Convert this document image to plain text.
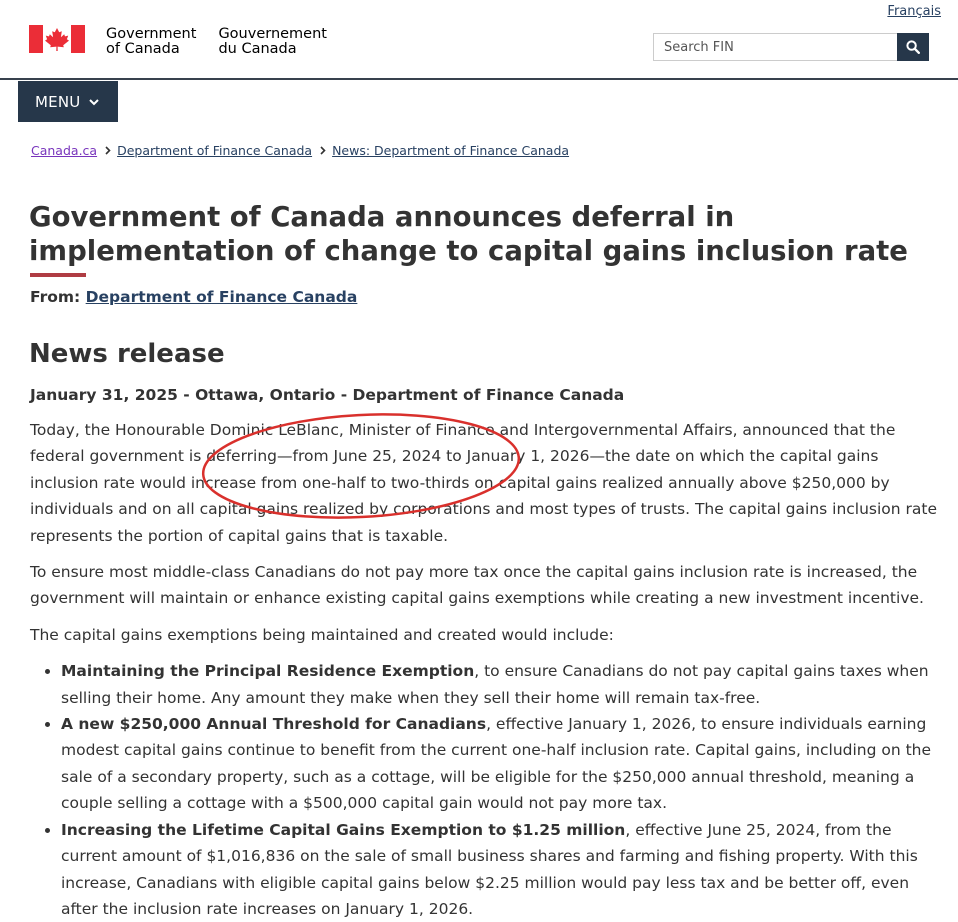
Français
Government
of Canada
Gouvernement
du Canada
Search FIN
MENU
Canada.ca Department of Finance Canada News: Department of Finance Canada
Government of Canada announces deferral in implementation of change to capital gains inclusion rate
From: Department of Finance Canada
News release
January 31, 2025 - Ottawa, Ontario - Department of Finance Canada

Today, the Honourable Dominic LeBlanc, Minister of Finance and Intergovernmental Affairs, announced that the federal government is deferring—from June 25, 2024 to January 1, 2026—the date on which the capital gains inclusion rate would increase from one-half to two-thirds on capital gains realized annually above $250,000 by individuals and on all capital gains realized by corporations and most types of trusts. The capital gains inclusion rate represents the portion of capital gains that is taxable.

To ensure most middle-class Canadians do not pay more tax once the capital gains inclusion rate is increased, the government will maintain or enhance existing capital gains exemptions while creating a new investment incentive.

The capital gains exemptions being maintained and created would include:

• Maintaining the Principal Residence Exemption, to ensure Canadians do not pay capital gains taxes when selling their home. Any amount they make when they sell their home will remain tax-free.
• A new $250,000 Annual Threshold for Canadians, effective January 1, 2026, to ensure individuals earning modest capital gains continue to benefit from the current one-half inclusion rate. Capital gains, including on the sale of a secondary property, such as a cottage, will be eligible for the $250,000 annual threshold, meaning a couple selling a cottage with a $500,000 capital gain would not pay more tax.
• Increasing the Lifetime Capital Gains Exemption to $1.25 million, effective June 25, 2024, from the current amount of $1,016,836 on the sale of small business shares and farming and fishing property. With this increase, Canadians with eligible capital gains below $2.25 million would pay less tax and be better off, even after the inclusion rate increases on January 1, 2026.
